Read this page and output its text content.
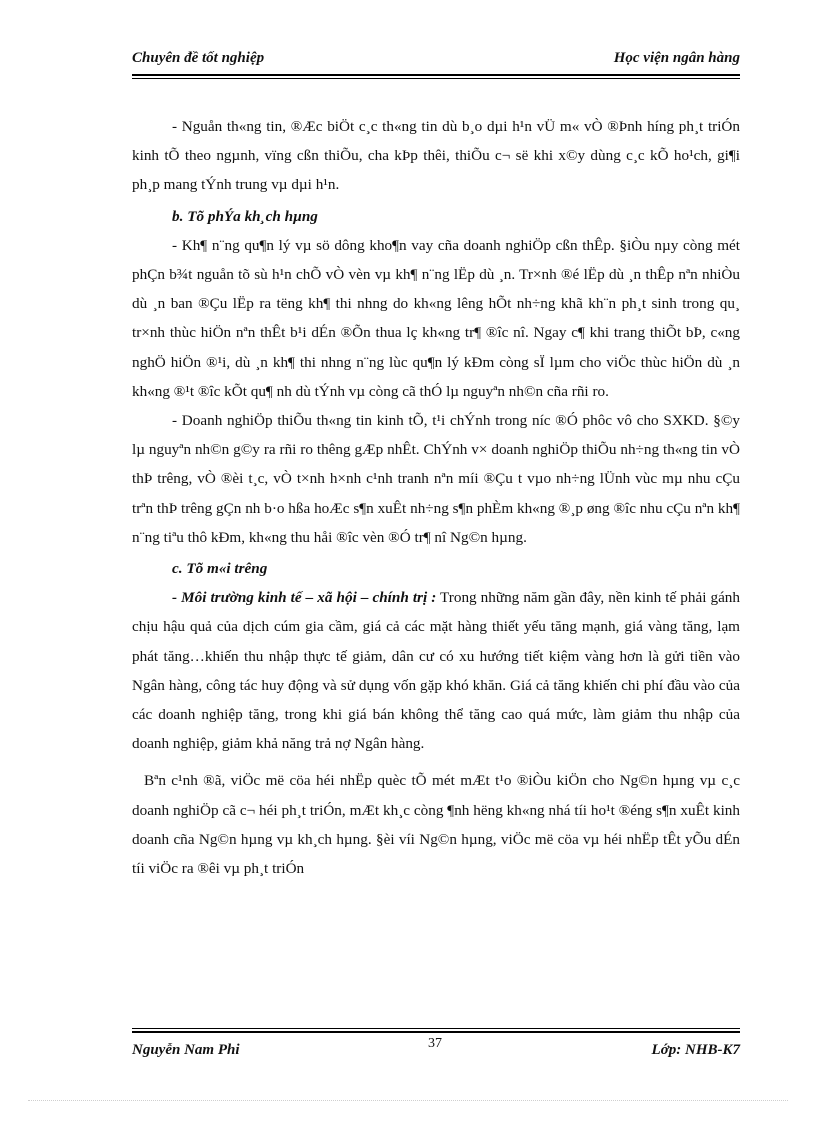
Chuyên đề tốt nghiệp	Học viện ngân hàng

- Nguån th«ng tin, ®Æc biÖt c¸c th«ng tin dù b¸o dµi h¹n vÜ m« vÒ ®Þnh híng ph¸t triÓn kinh tÕ theo ngµnh, vïng cßn thiÕu, cha kÞp thêi, thiÕu c¬ së khi x©y dùng c¸c kÕ ho¹ch, gi¶i ph¸p mang tÝnh trung vµ dµi h¹n.

b. Tõ phÝa kh¸ch hµng

- Kh¶ n¨ng qu¶n lý vµ sö dông kho¶n vay cña doanh nghiÖp cßn thÊp. §iÒu nµy còng mét phÇn b¾t nguån tõ sù h¹n chÕ vÒ vèn vµ kh¶ n¨ng lËp dù ¸n. Tr×nh ®é lËp dù ¸n thÊp nªn nhiÒu dù ¸n ban ®Çu lËp ra tëng kh¶ thi nhng do kh«ng lêng hÕt nh÷ng khã kh¨n ph¸t sinh trong qu¸ tr×nh thùc hiÖn nªn thÊt b¹i dÉn ®Õn thua lç kh«ng tr¶ ®îc nî. Ngay c¶ khi trang thiÕt bÞ, c«ng nghÖ hiÖn ®¹i, dù ¸n kh¶ thi nhng n¨ng lùc qu¶n lý kÐm còng sÏ lµm cho viÖc thùc hiÖn dù ¸n kh«ng ®¹t ®îc kÕt qu¶ nh dù tÝnh vµ còng cã thÓ lµ nguyªn nh©n cña rñi ro.

- Doanh nghiÖp thiÕu th«ng tin kinh tÕ, t¹i chÝnh trong níc ®Ó phôc vô cho SXKD. §©y lµ nguyªn nh©n g©y ra rñi ro thêng gÆp nhÊt. ChÝnh v× doanh nghiÖp thiÕu nh÷ng th«ng tin vÒ thÞ trêng, vÒ ®èi t¸c, vÒ t×nh h×nh c¹nh tranh nªn míi ®Çu t vµo nh÷ng lÜnh vùc mµ nhu cÇu trªn thÞ trêng gÇn nh b·o hßa hoÆc s¶n xuÊt nh÷ng s¶n phÈm kh«ng ®¸p øng ®îc nhu cÇu nªn kh¶ n¨ng tiªu thô kÐm, kh«ng thu håi ®îc vèn ®Ó tr¶ nî Ng©n hµng.

c. Tõ m«i trêng

- Môi trường kinh tế – xã hội – chính trị : Trong những năm gần đây, nền kinh tế phải gánh chịu hậu quả của dịch cúm gia cầm, giá cả các mặt hàng thiết yếu tăng mạnh, giá vàng tăng, lạm phát tăng…khiến thu nhập thực tế giảm, dân cư có xu hướng tiết kiệm vàng hơn là gửi tiền vào Ngân hàng, công tác huy động và sử dụng vốn gặp khó khăn. Giá cả tăng khiến chi phí đầu vào của các doanh nghiệp tăng, trong khi giá bán không thể tăng cao quá mức, làm giảm thu nhập của doanh nghiệp, giảm khả năng trả nợ Ngân hàng.

Bªn c¹nh ®ã, viÖc më cöa héi nhËp quèc tÕ mét mÆt t¹o ®iÒu kiÖn cho Ng©n hµng vµ c¸c doanh nghiÖp cã c¬ héi ph¸t triÓn, mÆt kh¸c còng ¶nh hëng kh«ng nhá tíi ho¹t ®éng s¶n xuÊt kinh doanh cña Ng©n hµng vµ kh¸ch hµng. §èi víi Ng©n hµng, viÖc më cöa vµ héi nhËp tÊt yÕu dÉn tíi viÖc ra ®êi vµ ph¸t triÓn

Nguyễn Nam Phi	37	Lớp: NHB-K7
